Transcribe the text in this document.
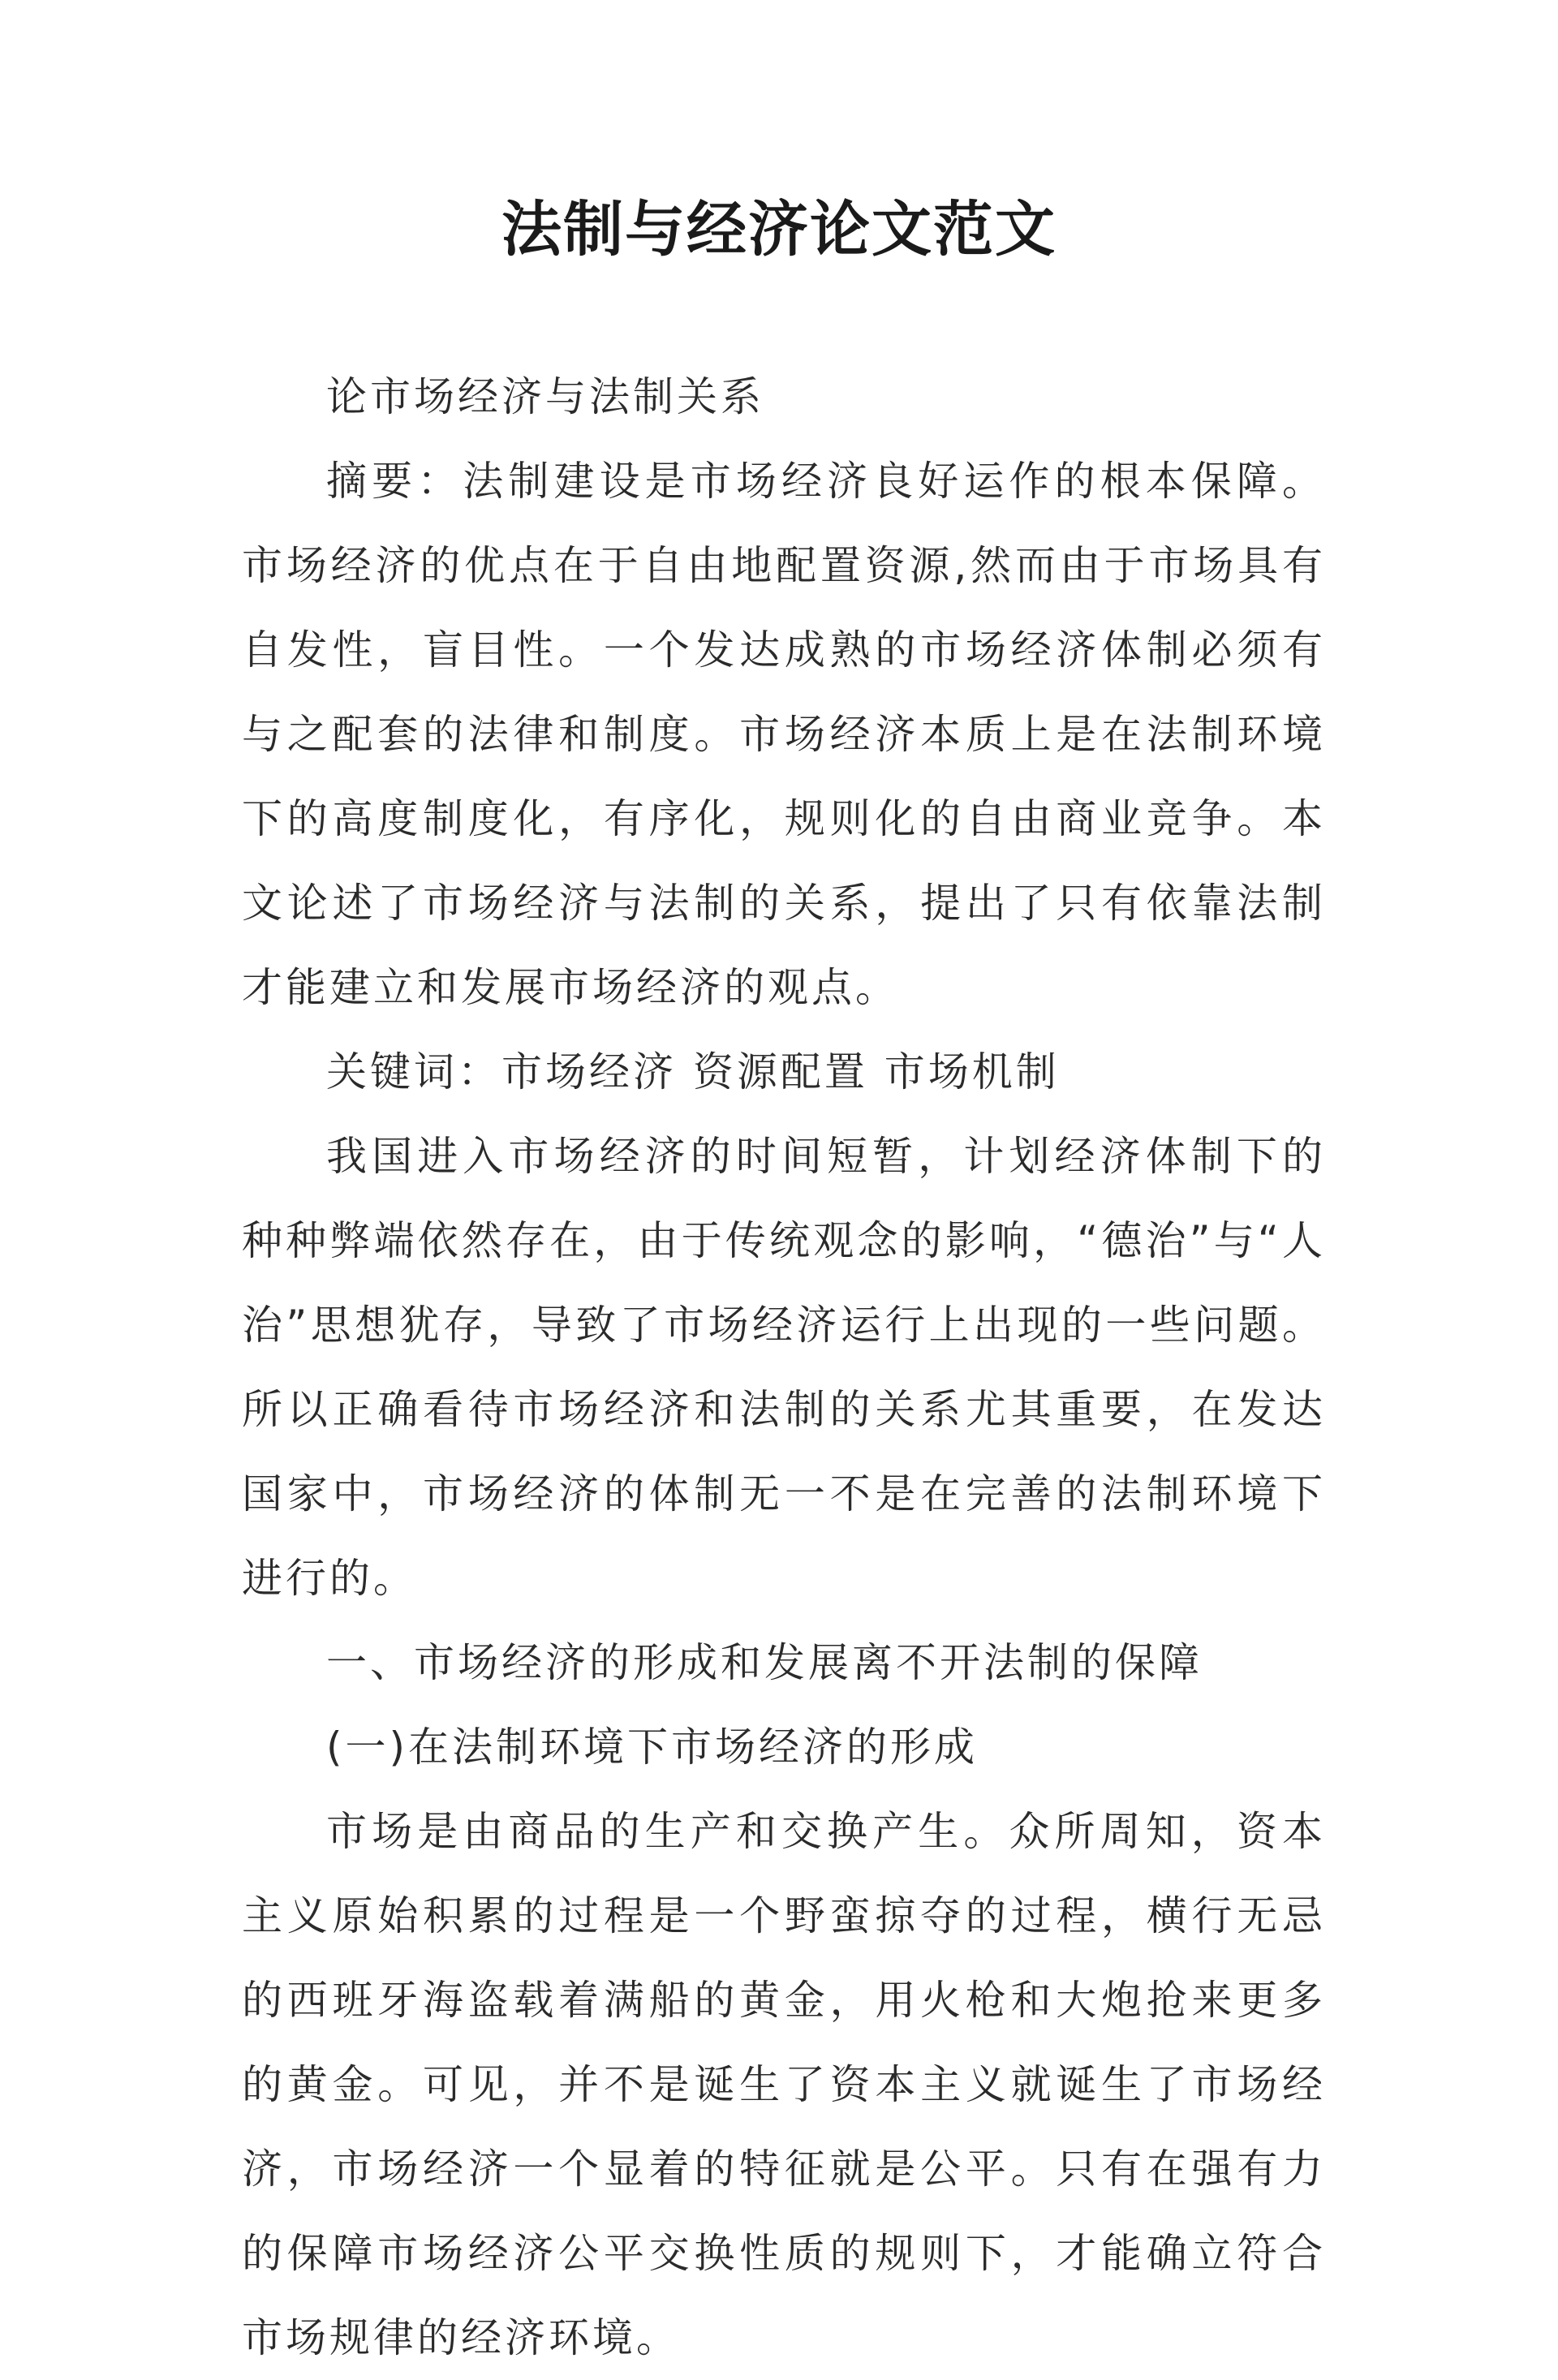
法制与经济论文范文

论市场经济与法制关系

摘要：法制建设是市场经济良好运作的根本保障。市场经济的优点在于自由地配置资源,然而由于市场具有自发性，盲目性。一个发达成熟的市场经济体制必须有与之配套的法律和制度。市场经济本质上是在法制环境下的高度制度化，有序化，规则化的自由商业竞争。本文论述了市场经济与法制的关系，提出了只有依靠法制才能建立和发展市场经济的观点。

关键词：市场经济 资源配置 市场机制

我国进入市场经济的时间短暂，计划经济体制下的种种弊端依然存在，由于传统观念的影响，“德治”与“人治”思想犹存，导致了市场经济运行上出现的一些问题。所以正确看待市场经济和法制的关系尤其重要，在发达国家中，市场经济的体制无一不是在完善的法制环境下进行的。

一、市场经济的形成和发展离不开法制的保障

(一)在法制环境下市场经济的形成

市场是由商品的生产和交换产生。众所周知，资本主义原始积累的过程是一个野蛮掠夺的过程，横行无忌的西班牙海盗载着满船的黄金，用火枪和大炮抢来更多的黄金。可见，并不是诞生了资本主义就诞生了市场经济，市场经济一个显着的特征就是公平。只有在强有力的保障市场经济公平交换性质的规则下，才能确立符合市场规律的经济环境。
